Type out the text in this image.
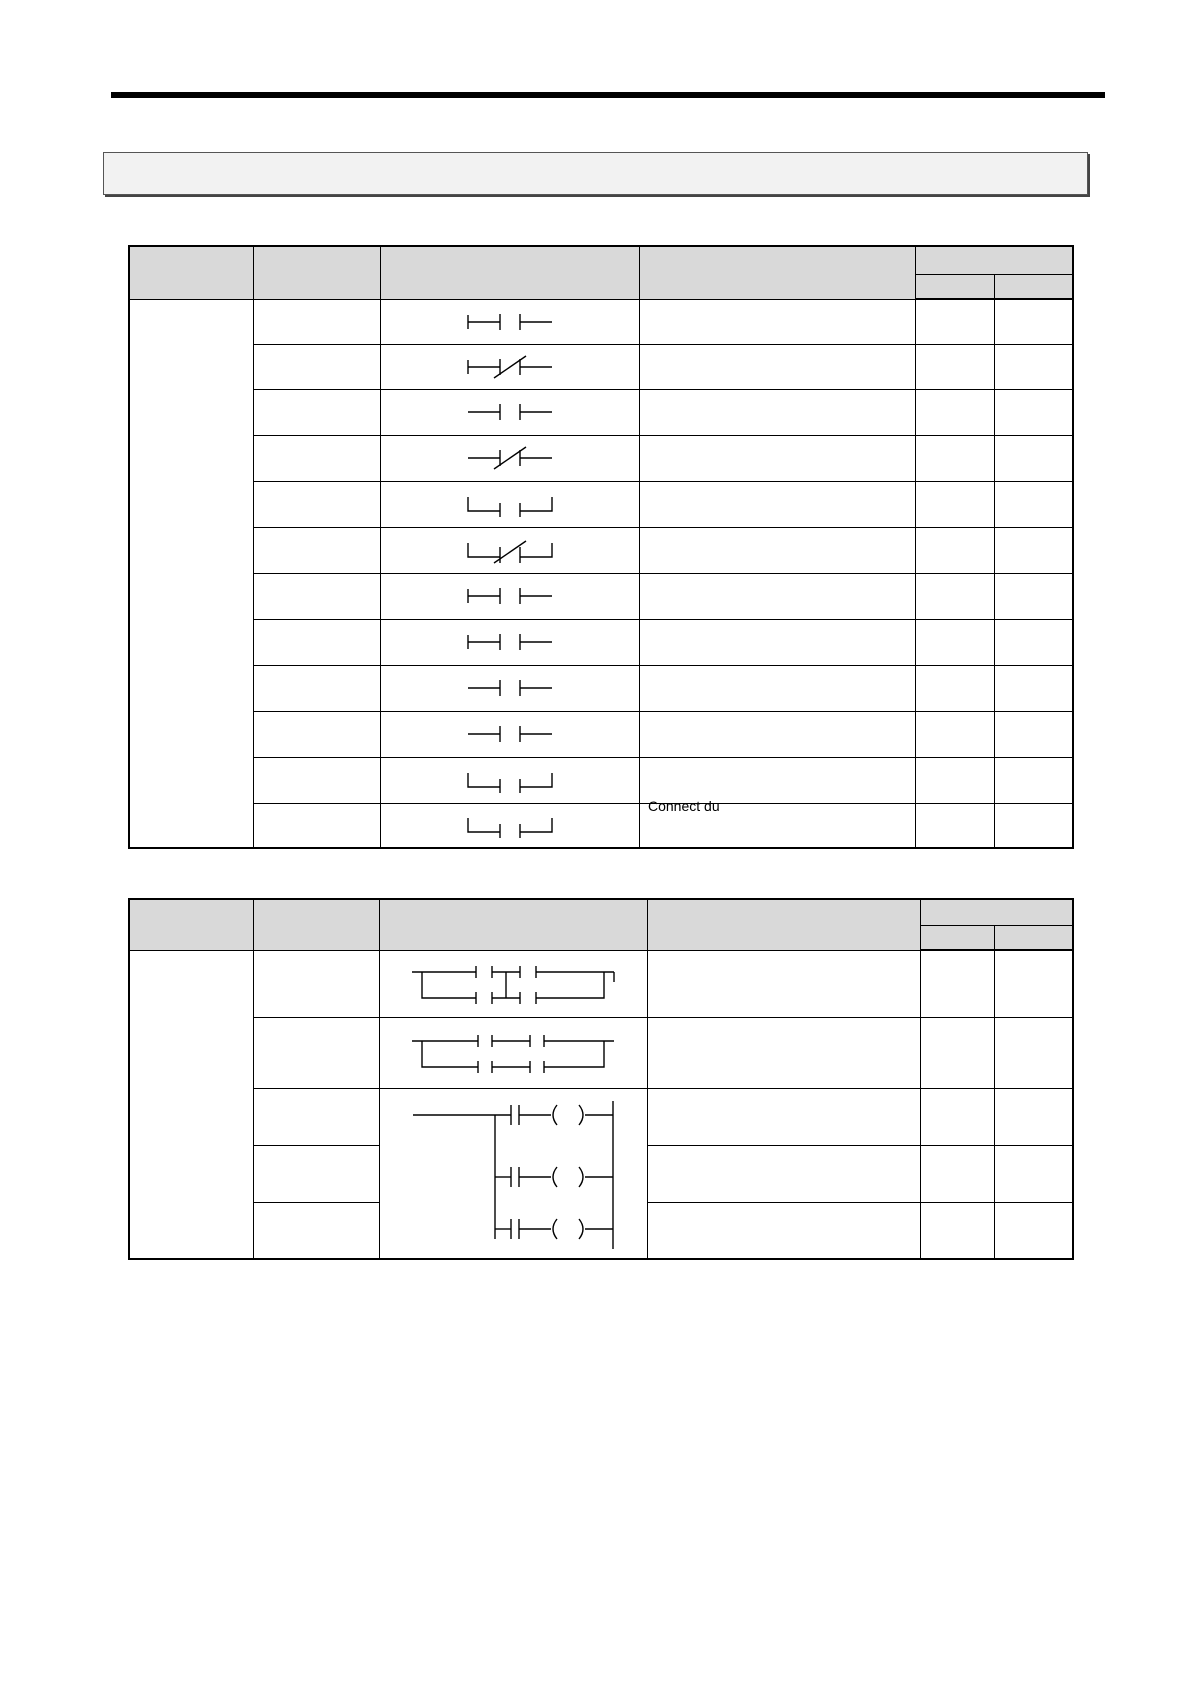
Connect du
